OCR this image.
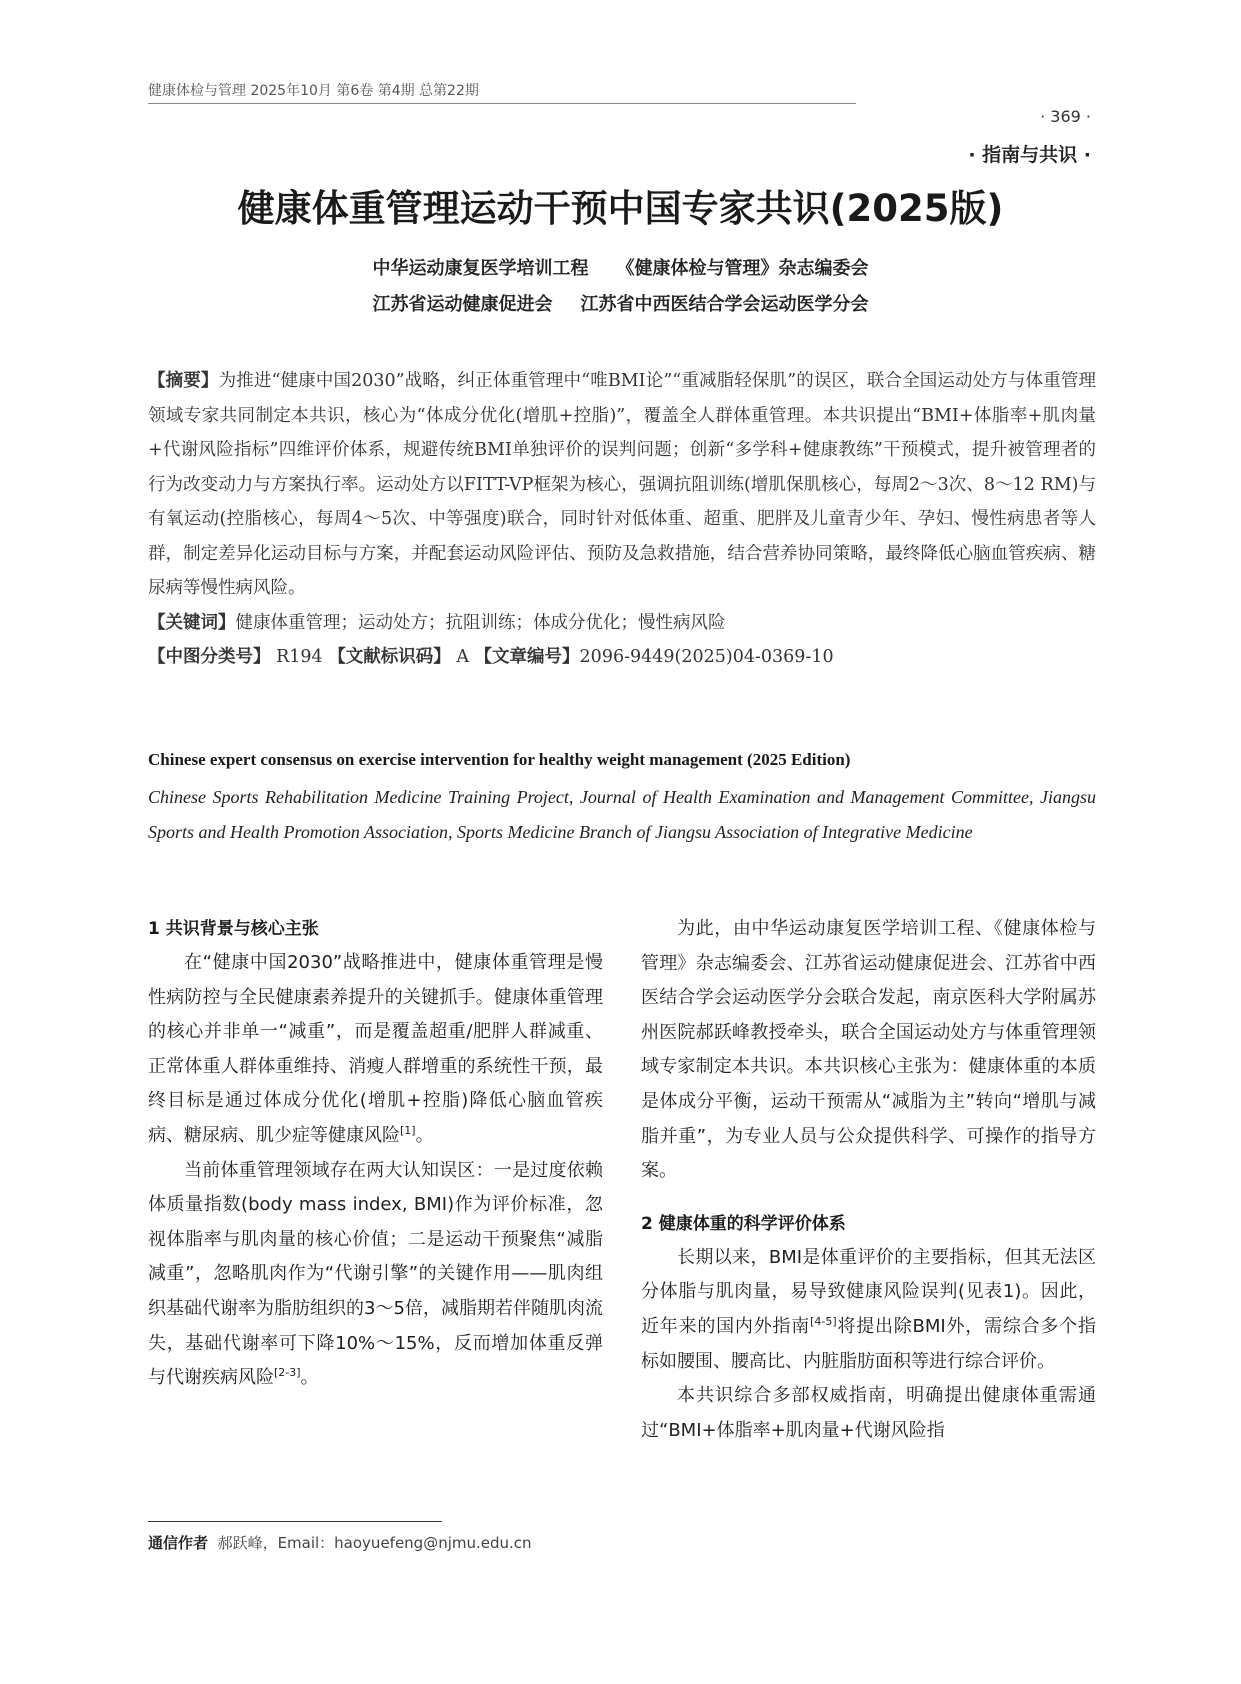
健康体检与管理 2025年10月 第6卷 第4期 总第22期
· 369 ·
· 指南与共识 ·
健康体重管理运动干预中国专家共识(2025版)
中华运动康复医学培训工程 《健康体检与管理》杂志编委会
江苏省运动健康促进会 江苏省中西医结合学会运动医学分会

【摘要】为推进“健康中国2030”战略，纠正体重管理中“唯BMI论”“重减脂轻保肌”的误区，联合全国运动处方与体重管理领域专家共同制定本共识，核心为“体成分优化(增肌+控脂)”，覆盖全人群体重管理。本共识提出“BMI+体脂率+肌肉量+代谢风险指标”四维评价体系，规避传统BMI单独评价的误判问题；创新“多学科+健康教练”干预模式，提升被管理者的行为改变动力与方案执行率。运动处方以FITT-VP框架为核心，强调抗阻训练(增肌保肌核心，每周2～3次、8～12 RM)与有氧运动(控脂核心，每周4～5次、中等强度)联合，同时针对低体重、超重、肥胖及儿童青少年、孕妇、慢性病患者等人群，制定差异化运动目标与方案，并配套运动风险评估、预防及急救措施，结合营养协同策略，最终降低心脑血管疾病、糖尿病等慢性病风险。

【关键词】健康体重管理；运动处方；抗阻训练；体成分优化；慢性病风险

【中图分类号】 R194 【文献标识码】 A 【文章编号】2096-9449(2025)04-0369-10

Chinese expert consensus on exercise intervention for healthy weight management (2025 Edition)
Chinese Sports Rehabilitation Medicine Training Project, Journal of Health Examination and Management Committee, Jiangsu Sports and Health Promotion Association, Sports Medicine Branch of Jiangsu Association of Integrative Medicine
1 共识背景与核心主张

在“健康中国2030”战略推进中，健康体重管理是慢性病防控与全民健康素养提升的关键抓手。健康体重管理的核心并非单一“减重”，而是覆盖超重/肥胖人群减重、正常体重人群体重维持、消瘦人群增重的系统性干预，最终目标是通过体成分优化(增肌+控脂)降低心脑血管疾病、糖尿病、肌少症等健康风险[1]。

当前体重管理领域存在两大认知误区：一是过度依赖体质量指数(body mass index, BMI)作为评价标准，忽视体脂率与肌肉量的核心价值；二是运动干预聚焦“减脂减重”，忽略肌肉作为“代谢引擎”的关键作用——肌肉组织基础代谢率为脂肪组织的3～5倍，减脂期若伴随肌肉流失，基础代谢率可下降10%～15%，反而增加体重反弹与代谢疾病风险[2-3]。

为此，由中华运动康复医学培训工程、《健康体检与管理》杂志编委会、江苏省运动健康促进会、江苏省中西医结合学会运动医学分会联合发起，南京医科大学附属苏州医院郝跃峰教授牵头，联合全国运动处方与体重管理领域专家制定本共识。本共识核心主张为：健康体重的本质是体成分平衡，运动干预需从“减脂为主”转向“增肌与减脂并重”，为专业人员与公众提供科学、可操作的指导方案。

2 健康体重的科学评价体系

长期以来，BMI是体重评价的主要指标，但其无法区分体脂与肌肉量，易导致健康风险误判(见表1)。因此，近年来的国内外指南[4-5]将提出除BMI外，需综合多个指标如腰围、腰高比、内脏脂肪面积等进行综合评价。

本共识综合多部权威指南，明确提出健康体重需通过“BMI+体脂率+肌肉量+代谢风险指

通信作者 郝跃峰，Email：haoyuefeng@njmu.edu.cn
